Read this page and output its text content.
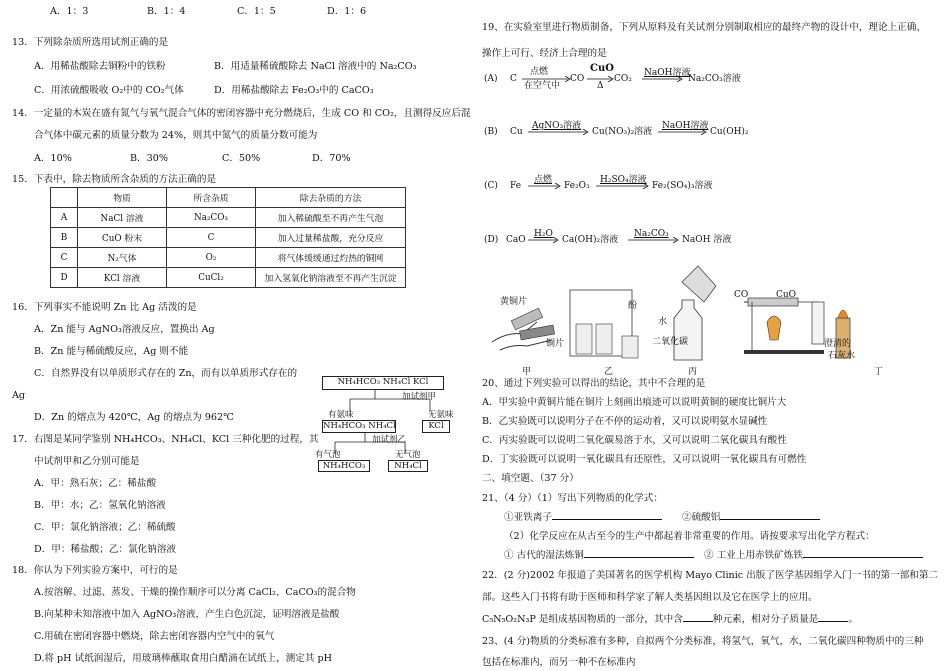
A．1：3	B．1：4	C．1：5	D．1：6
13．下列除杂质所选用试剂正确的是
A．用稀盐酸除去铜粉中的铁粉	B．用适量稀硫酸除去 NaCl 溶液中的 Na₂CO₃
C．用浓硫酸吸收 O₂中的 CO₂气体	D．用稀盐酸除去 Fe₂O₃中的 CaCO₃
14．一定量的木炭在盛有氮气与氧气混合气体的密闭容器中充分燃烧后，生成 CO 和 CO₂，且测得反应后混
合气体中碳元素的质量分数为 24%，则其中氮气的质量分数可能为
A．10%	B．30%	C．50%	D．70%
15．下表中，除去物质所含杂质的方法正确的是
	物质	所含杂质	除去杂质的方法
A	NaCl 溶液	Na₂CO₃	加入稀硫酸至不再产生气泡
B	CuO 粉末	C	加入过量稀盐酸，充分反应
C	N₂气体	O₂	将气体缓缓通过灼热的铜网
D	KCl 溶液	CuCl₂	加入氢氧化钠溶液至不再产生沉淀
16．下列事实不能说明 Zn 比 Ag 活泼的是
A．Zn 能与 AgNO₃溶液反应，置换出 Ag
B．Zn 能与稀硫酸反应，Ag 则不能
C．自然界没有以单质形式存在的 Zn，而有以单质形式存在的
Ag
D．Zn 的熔点为 420℃，Ag 的熔点为 962℃
17．右图是某同学鉴别 NH₄HCO₃、NH₄Cl、KCl 三种化肥的过程，其
中试剂甲和乙分别可能是
A．甲：熟石灰；乙：稀盐酸
B．甲：水；乙：氢氧化钠溶液
C．甲：氯化钠溶液；乙：稀硫酸
D．甲：稀盐酸；乙：氯化钠溶液
NH₄HCO₃ NH₄Cl KCl
加试剂甲
有氨味	无氨味
NH₄HCO₃ NH₄Cl	KCl
加试剂乙
有气泡	无气泡
NH₄HCO₃	NH₄Cl
18．你认为下列实验方案中，可行的是
A.按溶解、过滤、蒸发、干燥的操作顺序可以分离 CaCl₂、CaCO₃的混合物
B.向某种未知溶液中加入 AgNO₃溶液，产生白色沉淀，证明溶液是盐酸
C.用硫在密闭容器中燃烧，除去密闭容器内空气中的氧气
D.将 pH 试纸润湿后，用玻璃棒蘸取食用白醋滴在试纸上，测定其 pH
19、在实验室里进行物质制备，下列从原料及有关试剂分别制取相应的最终产物的设计中，理论上正确、
操作上可行、经济上合理的是
(A) C
点燃
在空气中
CO
CuO
Δ
CO₂
NaOH溶液
Na₂CO₃溶液
(B) Cu
AgNO₃溶液
Cu(NO₃)₂溶液
NaOH溶液
Cu(OH)₂
(C) Fe
点燃
Fe₂O₃
H₂SO₄溶液
Fe₂(SO₄)₃溶液
(D) CaO
H₂O
Ca(OH)₂溶液
Na₂CO₃
NaOH 溶液
黄铜片
铜片
酚
水
二氧化碳
CO	CuO
澄清的
石灰水
甲	乙	丙	丁
20、通过下列实验可以得出的结论，其中不合理的是
A．甲实验中黄铜片能在铜片上刻画出痕迹可以说明黄铜的硬度比铜片大
B．乙实验既可以说明分子在不停的运动着，又可以说明氨水显碱性
C．丙实验既可以说明二氧化碳易溶于水，又可以说明二氧化碳具有酸性
D．丁实验既可以说明一氧化碳具有还原性，又可以说明一氧化碳具有可燃性
二、填空题、（37 分）
21、（4 分）（1）写出下列物质的化学式：
①亚铁离子	②硫酸铝
（2）化学反应在从古至今的生产中都起着非常重要的作用。请按要求写出化学方程式：
① 古代的湿法炼铜	② 工业上用赤铁矿炼铁
22．(2 分)2002 年报道了美国著名的医学机构 Mayo Clinic 出版了医学基因组学入门一书的第一部和第二
部。这些入门书将有助于医师和科学家了解人类基因组以及它在医学上的应用。
C₅N₅O₂N₃P 是组成基因物质的一部分，其中含	种元素，相对分子质量是	。
23、(4 分)物质的分类标准有多种，自拟两个分类标准，将氢气，氧气，水，二氧化碳四种物质中的三种
包括在标准内，而另一种不在标准内
